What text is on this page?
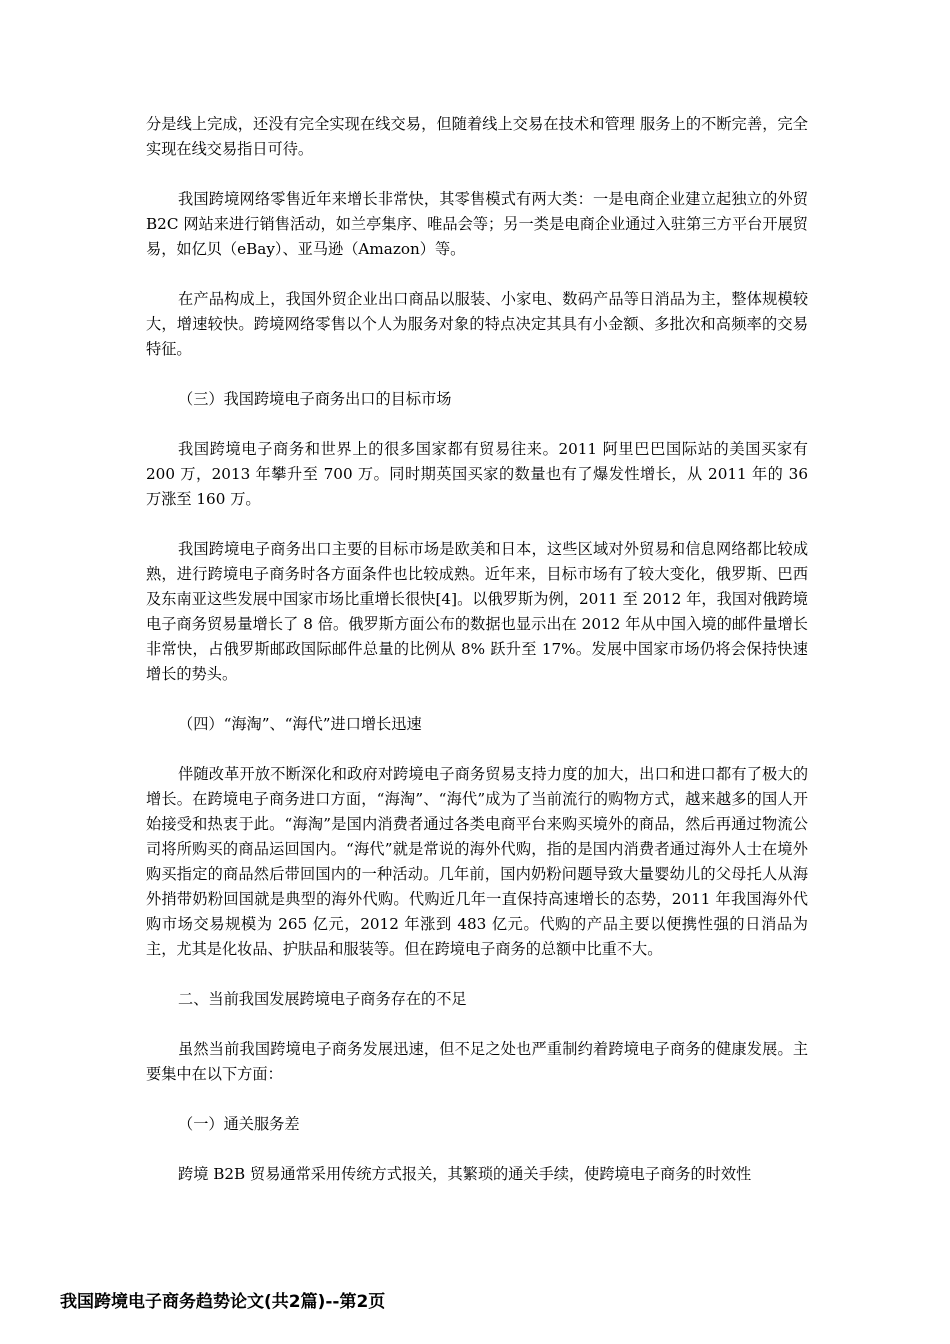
分是线上完成，还没有完全实现在线交易，但随着线上交易在技术和管理 服务上的不断完善，完全实现在线交易指日可待。

我国跨境网络零售近年来增长非常快，其零售模式有两大类：一是电商企业建立起独立的外贸 B2C 网站来进行销售活动，如兰亭集序、唯品会等；另一类是电商企业通过入驻第三方平台开展贸易，如亿贝（eBay）、亚马逊（Amazon）等。

在产品构成上，我国外贸企业出口商品以服装、小家电、数码产品等日消品为主，整体规模较大，增速较快。跨境网络零售以个人为服务对象的特点决定其具有小金额、多批次和高频率的交易特征。

（三）我国跨境电子商务出口的目标市场

我国跨境电子商务和世界上的很多国家都有贸易往来。2011 阿里巴巴国际站的美国买家有 200 万，2013 年攀升至 700 万。同时期英国买家的数量也有了爆发性增长，从 2011 年的 36 万涨至 160 万。

我国跨境电子商务出口主要的目标市场是欧美和日本，这些区域对外贸易和信息网络都比较成熟，进行跨境电子商务时各方面条件也比较成熟。近年来，目标市场有了较大变化，俄罗斯、巴西及东南亚这些发展中国家市场比重增长很快[4]。以俄罗斯为例，2011 至 2012 年，我国对俄跨境电子商务贸易量增长了 8 倍。俄罗斯方面公布的数据也显示出在 2012 年从中国入境的邮件量增长非常快，占俄罗斯邮政国际邮件总量的比例从 8% 跃升至 17%。发展中国家市场仍将会保持快速增长的势头。

（四）“海淘”、“海代”进口增长迅速

伴随改革开放不断深化和政府对跨境电子商务贸易支持力度的加大，出口和进口都有了极大的增长。在跨境电子商务进口方面，“海淘”、“海代”成为了当前流行的购物方式，越来越多的国人开始接受和热衷于此。“海淘”是国内消费者通过各类电商平台来购买境外的商品，然后再通过物流公司将所购买的商品运回国内。“海代”就是常说的海外代购，指的是国内消费者通过海外人士在境外购买指定的商品然后带回国内的一种活动。几年前，国内奶粉问题导致大量婴幼儿的父母托人从海外捎带奶粉回国就是典型的海外代购。代购近几年一直保持高速增长的态势，2011 年我国海外代购市场交易规模为 265 亿元，2012 年涨到 483 亿元。代购的产品主要以便携性强的日消品为主，尤其是化妆品、护肤品和服装等。但在跨境电子商务的总额中比重不大。

二、当前我国发展跨境电子商务存在的不足

虽然当前我国跨境电子商务发展迅速，但不足之处也严重制约着跨境电子商务的健康发展。主要集中在以下方面：

（一）通关服务差

跨境 B2B 贸易通常采用传统方式报关，其繁琐的通关手续，使跨境电子商务的时效性

我国跨境电子商务趋势论文(共2篇)--第2页
